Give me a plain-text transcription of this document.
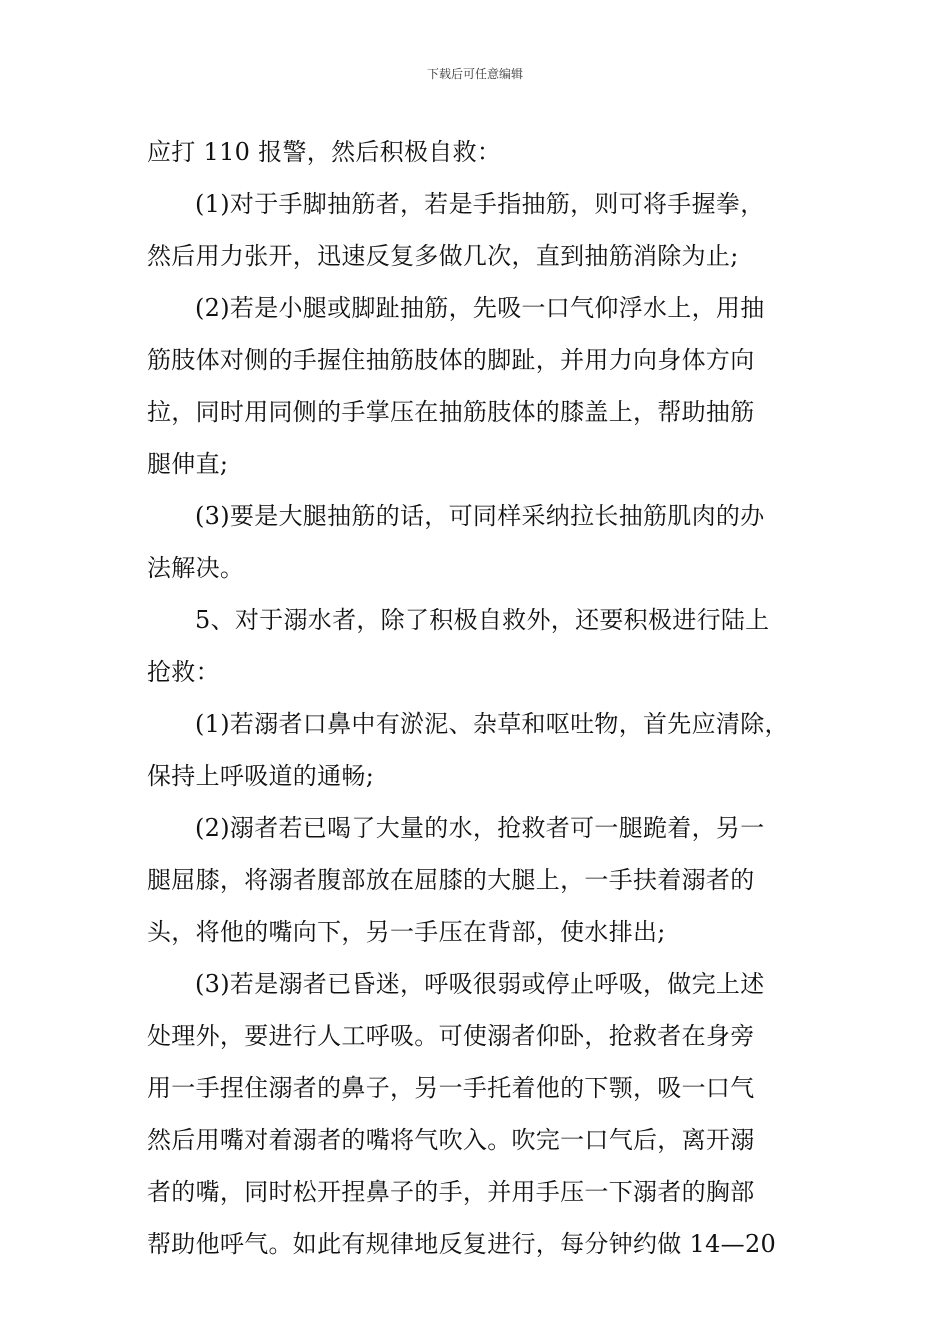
下载后可任意编辑
应打 110 报警，然后积极自救：
(1)对于手脚抽筋者，若是手指抽筋，则可将手握拳，
然后用力张开，迅速反复多做几次，直到抽筋消除为止;
(2)若是小腿或脚趾抽筋，先吸一口气仰浮水上，用抽
筋肢体对侧的手握住抽筋肢体的脚趾，并用力向身体方向
拉，同时用同侧的手掌压在抽筋肢体的膝盖上，帮助抽筋
腿伸直;
(3)要是大腿抽筋的话，可同样采纳拉长抽筋肌肉的办
法解决。
5、对于溺水者，除了积极自救外，还要积极进行陆上
抢救：
(1)若溺者口鼻中有淤泥、杂草和呕吐物，首先应清除，
保持上呼吸道的通畅;
(2)溺者若已喝了大量的水，抢救者可一腿跪着，另一
腿屈膝，将溺者腹部放在屈膝的大腿上，一手扶着溺者的
头，将他的嘴向下，另一手压在背部，使水排出;
(3)若是溺者已昏迷，呼吸很弱或停止呼吸，做完上述
处理外，要进行人工呼吸。可使溺者仰卧，抢救者在身旁
用一手捏住溺者的鼻子，另一手托着他的下颚，吸一口气
然后用嘴对着溺者的嘴将气吹入。吹完一口气后，离开溺
者的嘴，同时松开捏鼻子的手，并用手压一下溺者的胸部
帮助他呼气。如此有规律地反复进行，每分钟约做 14—20
